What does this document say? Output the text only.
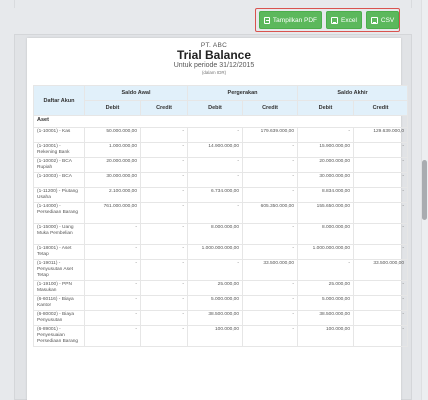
Tampilkan PDF	Excel	CSV
PT. ABC
Trial Balance
Untuk periode 31/12/2015
(dalam IDR)
Daftar Akun	Saldo Awal		Pergerakan		Saldo Akhir	
	Debit	Credit	Debit	Credit	Debit	Credit
Aset						
(1-10001) - Kas	50.000.000,00	-	-	179.639.000,00	-	129.639.000,0
(1-10001) - Rekening Bank	1.000.000,00	-	14.900.000,00	-	15.900.000,00	-
(1-10002) - BCA Rupiah	20.000.000,00	-	-	-	20.000.000,00	-
(1-10003) - BCA	30.000.000,00	-	-	-	30.000.000,00	-
(1-11200) - Piutang Usaha	2.100.000,00	-	6.734.000,00	-	8.834.000,00	-
(1-14000) - Persediaan Barang	761.000.000,00	-	-	605.350.000,00	155.650.000,00	-
(1-15000) - Uang Muka Pembelian	-	-	8.000.000,00	-	8.000.000,00	-
(1-18001) - Aset Tetap	-	-	1.000.000.000,00	-	1.000.000.000,00	-
(1-19011) - Penyusutan Aset Tetap	-	-	-	33.500.000,00	-	33.500.000,00
(1-19100) - PPN Masukan	-	-	25.000,00	-	25.000,00	-
(6-60116) - Biaya Kantor	-	-	5.000.000,00	-	5.000.000,00	-
(6-80002) - Biaya Penyusutan	-	-	38.500.000,00	-	38.500.000,00	-
(6-89001) - Penyesuaian Persediaan Barang	-	-	100.000,00	-	100.000,00	-
